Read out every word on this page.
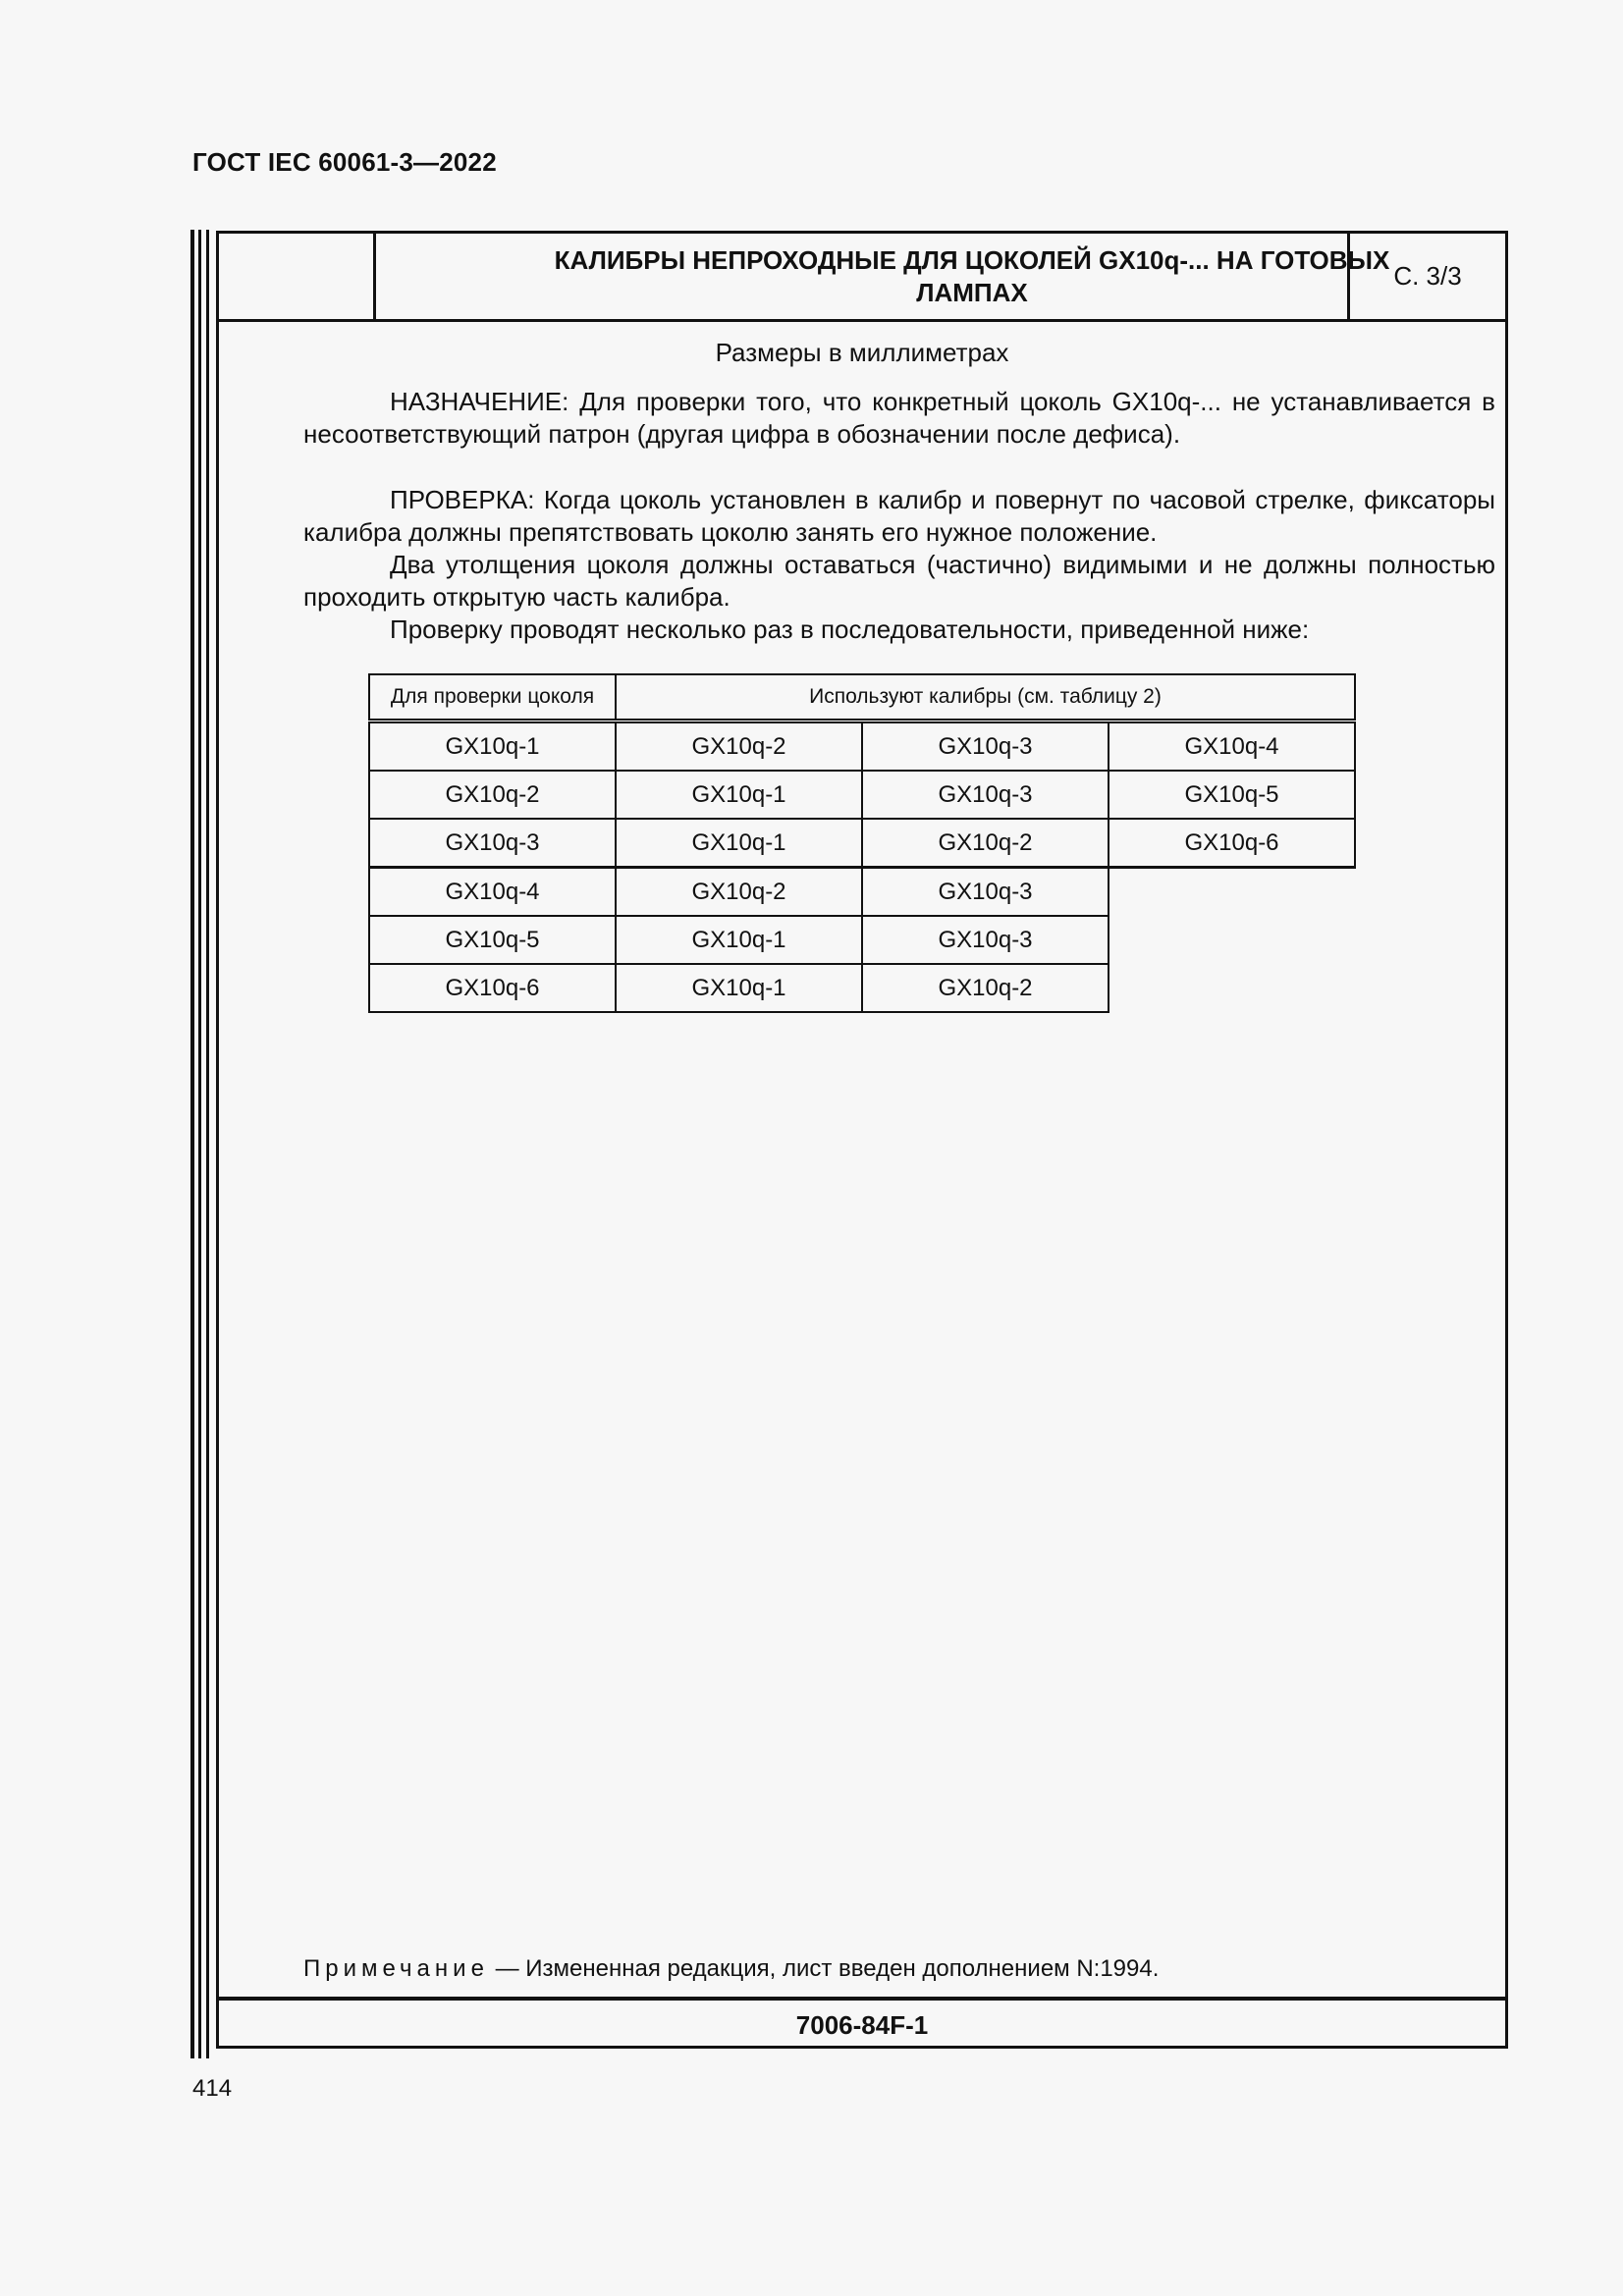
ГОСТ IEC 60061-3—2022
КАЛИБРЫ НЕПРОХОДНЫЕ ДЛЯ ЦОКОЛЕЙ GX10q-... НА ГОТОВЫХ ЛАМПАХ
С. 3/3
Размеры в миллиметрах
НАЗНАЧЕНИЕ: Для проверки того, что конкретный цоколь GX10q-... не устанавливается в несоответствующий патрон (другая цифра в обозначении после дефиса).
ПРОВЕРКА: Когда цоколь установлен в калибр и повернут по часовой стрелке, фиксаторы калибра должны препятствовать цоколю занять его нужное положение.
Два утолщения цоколя должны оставаться (частично) видимыми и не должны полностью проходить открытую часть калибра.
Проверку проводят несколько раз в последовательности, приведенной ниже:
Для проверки цоколя	Используют калибры (см. таблицу 2)		
GX10q-1	GX10q-2	GX10q-3	GX10q-4
GX10q-2	GX10q-1	GX10q-3	GX10q-5
GX10q-3	GX10q-1	GX10q-2	GX10q-6
GX10q-4	GX10q-2	GX10q-3	
GX10q-5	GX10q-1	GX10q-3	
GX10q-6	GX10q-1	GX10q-2	
Примечание — Измененная редакция, лист введен дополнением N:1994.
7006-84F-1
414
